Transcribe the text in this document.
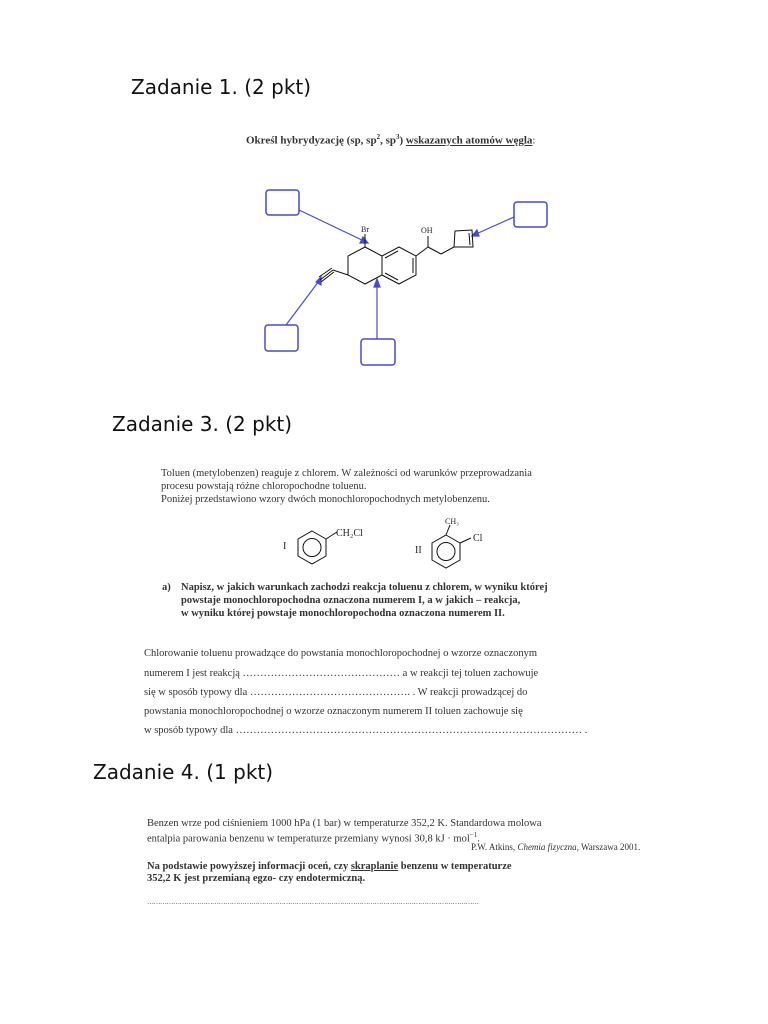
Zadanie 1. (2 pkt)
Określ hybrydyzację (sp, $sp^2$, $sp^3$) wskazanych atomów węgla:
Br	OH
Zadanie 3. (2 pkt)
Toluen (metylobenzen) reaguje z chlorem. W zależności od warunków przeprowadzania
procesu powstają różne chloropochodne toluenu.
Poniżej przedstawiono wzory dwóch monochloropochodnych metylobenzenu.
I
CH₂Cl
II
CH₃
Cl
a) Napisz, w jakich warunkach zachodzi reakcja toluenu z chlorem, w wyniku której
powstaje monochloropochodna oznaczona numerem I, a w jakich – reakcja,
w wyniku której powstaje monochloropochodna oznaczona numerem II.
Chlorowanie toluenu prowadzące do powstania monochloropochodnej o wzorze oznaczonym
numerem I jest reakcją ……………………………………… a w reakcji tej toluen zachowuje
się w sposób typowy dla ………………………………………. . W reakcji prowadzącej do
powstania monochloropochodnej o wzorze oznaczonym numerem II toluen zachowuje się
w sposób typowy dla ……………………………………………………………………………………… .
Zadanie 4. (1 pkt)
Benzen wrze pod ciśnieniem 1000 hPa (1 bar) w temperaturze 352,2 K. Standardowa molowa
entalpia parowania benzenu w temperaturze przemiany wynosi 30,8 kJ · mol$^{-1}$.
P.W. Atkins, Chemia fizyczna, Warszawa 2001.
Na podstawie powyższej informacji oceń, czy skraplanie benzenu w temperaturze
352,2 K jest przemianą egzo- czy endotermiczną.
………………………………………………………………………………………………………………………………………
